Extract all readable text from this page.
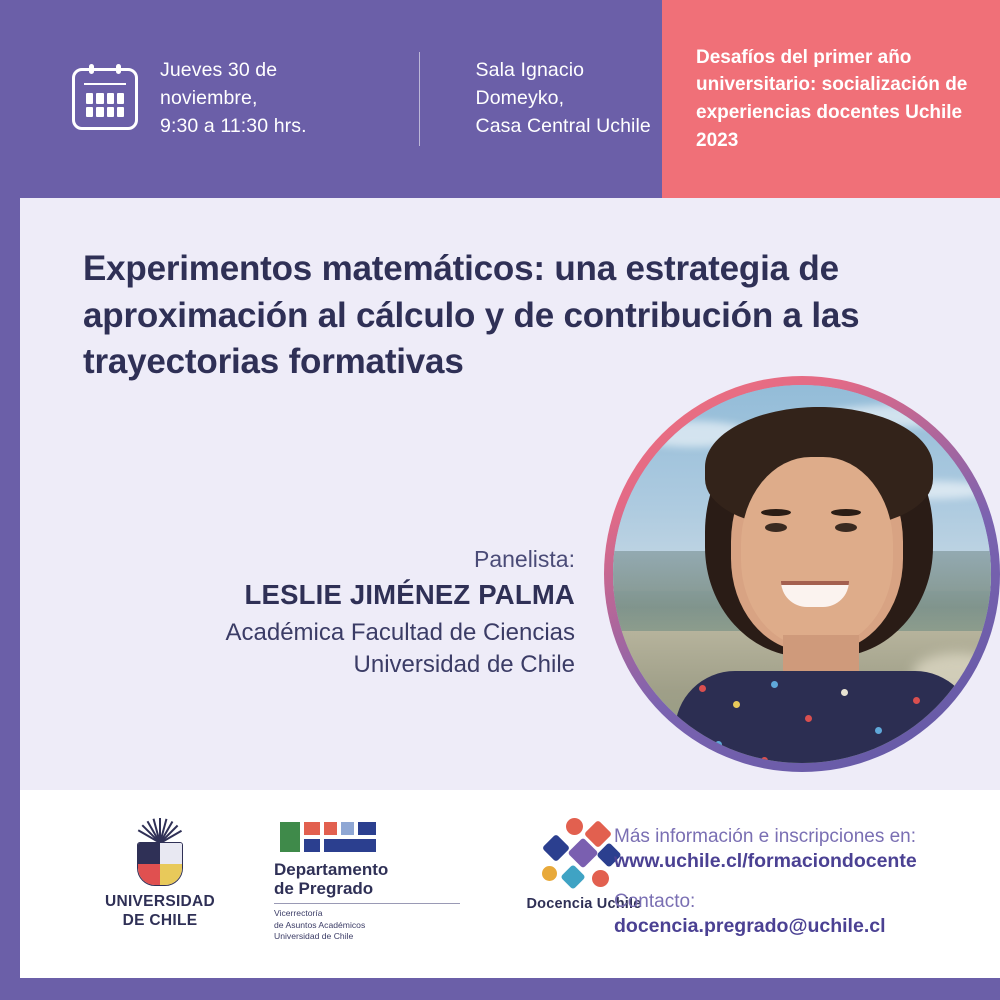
Jueves 30 de noviembre,
9:30 a 11:30 hrs.
Sala Ignacio Domeyko,
Casa Central Uchile
Desafíos del primer año universitario: socialización de experiencias docentes Uchile 2023
Experimentos matemáticos: una estrategia de aproximación al cálculo y de contribución a las trayectorias formativas
Panelista:
LESLIE JIMÉNEZ PALMA
Académica Facultad de Ciencias
Universidad de Chile
UNIVERSIDAD
DE CHILE
Departamento
de Pregrado
Vicerrectoría
de Asuntos Académicos
Universidad de Chile
Docencia Uchile
Más información e inscripciones en:
www.uchile.cl/formaciondocente
Contacto:
docencia.pregrado@uchile.cl
